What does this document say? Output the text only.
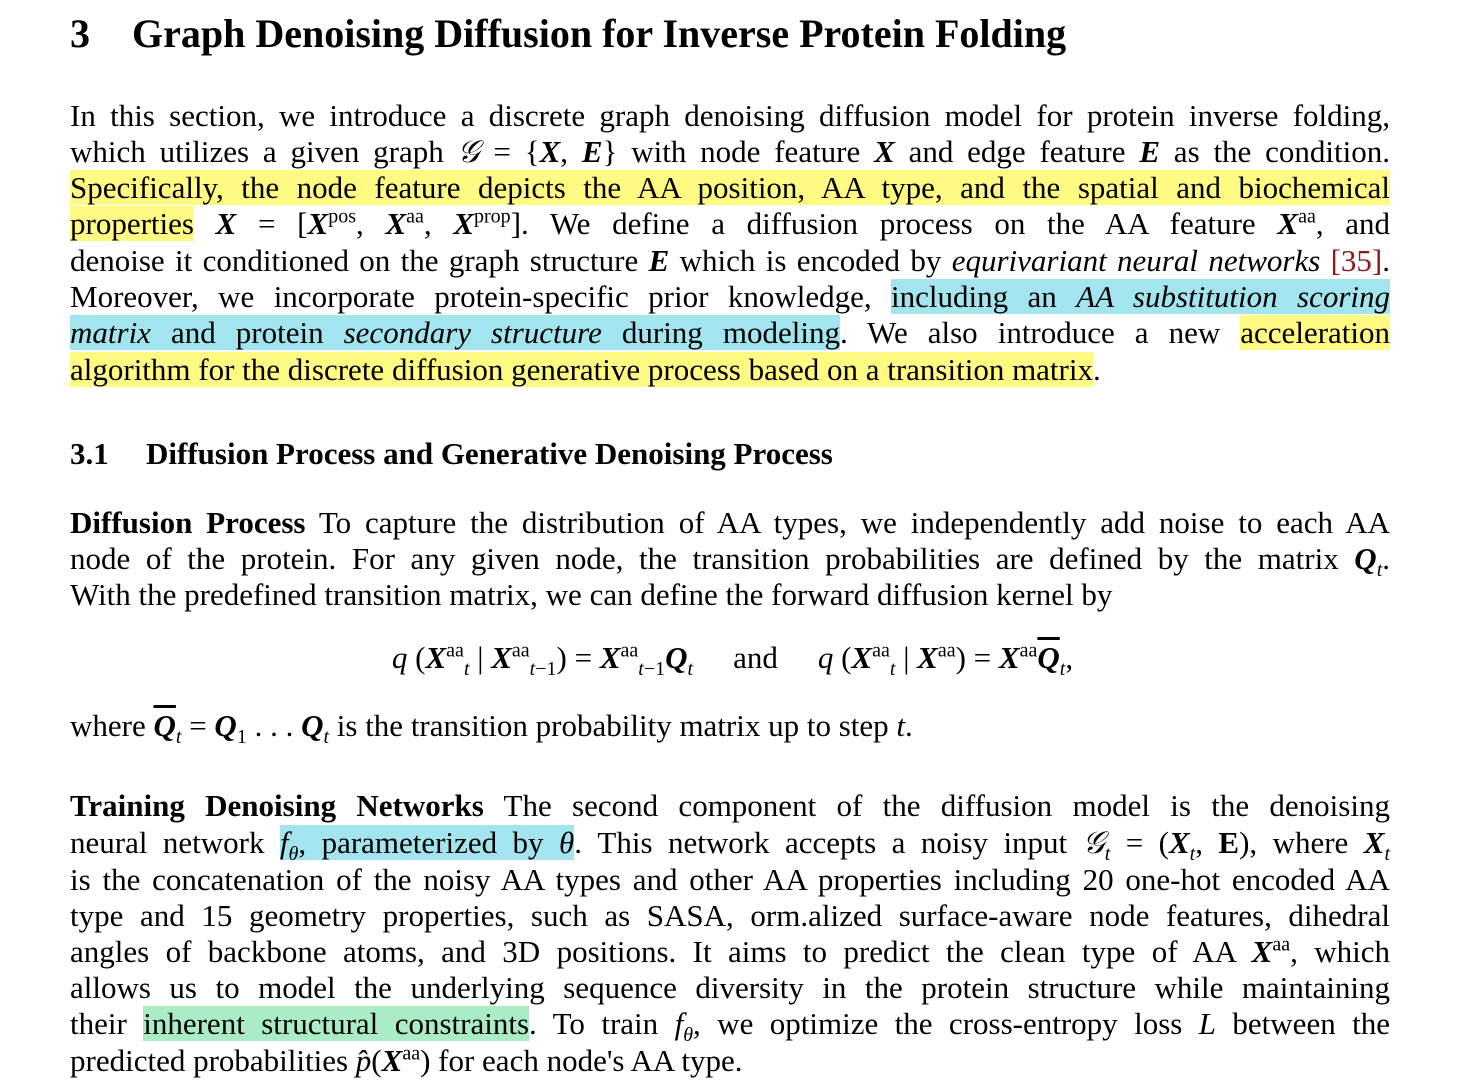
3 Graph Denoising Diffusion for Inverse Protein Folding
In this section, we introduce a discrete graph denoising diffusion model for protein inverse folding,
which utilizes a given graph 𝒢 = {X, E} with node feature X and edge feature E as the condition.
Specifically, the node feature depicts the AA position, AA type, and the spatial and biochemical
properties $X = [X^{pos}$, $X^{aa}$, $X^{prop}$]. We define a diffusion process on the AA feature $X^{aa}$, and
denoise it conditioned on the graph structure E which is encoded by equrivariant neural networks [35].
Moreover, we incorporate protein-specific prior knowledge, including an AA substitution scoring
matrix and protein secondary structure during modeling. We also introduce a new acceleration
algorithm for the discrete diffusion generative process based on a transition matrix.
3.1 Diffusion Process and Generative Denoising Process
Diffusion Process To capture the distribution of AA types, we independently add noise to each AA
node of the protein. For any given node, the transition probabilities are defined by the matrix $Q_t$.
With the predefined transition matrix, we can define the forward diffusion kernel by
q ($X^{aa}_t$ | $X^{aa}_{t-1}) = X^{aa}_{t-1}Q_t$ and q ($X^{aa}_t$ | $X^{aa}) = X^{aa}\overline{Q}_t$,
where $\overline{Q}_t = Q_1$ . . . $Q_t$ is the transition probability matrix up to step t.
Training Denoising Networks The second component of the diffusion model is the denoising
neural network $f_\theta$, parameterized by θ. This network accepts a noisy input 𝒢$_t$ = ($X_t$, E), where $X_t$
is the concatenation of the noisy AA types and other AA properties including 20 one-hot encoded AA
type and 15 geometry properties, such as SASA, orm.alized surface-aware node features, dihedral
angles of backbone atoms, and 3D positions. It aims to predict the clean type of AA $X^{aa}$, which
allows us to model the underlying sequence diversity in the protein structure while maintaining
their inherent structural constraints. To train $f_\theta$, we optimize the cross-entropy loss L between the
predicted probabilities $p̂(X^{aa})$ for each node's AA type.
